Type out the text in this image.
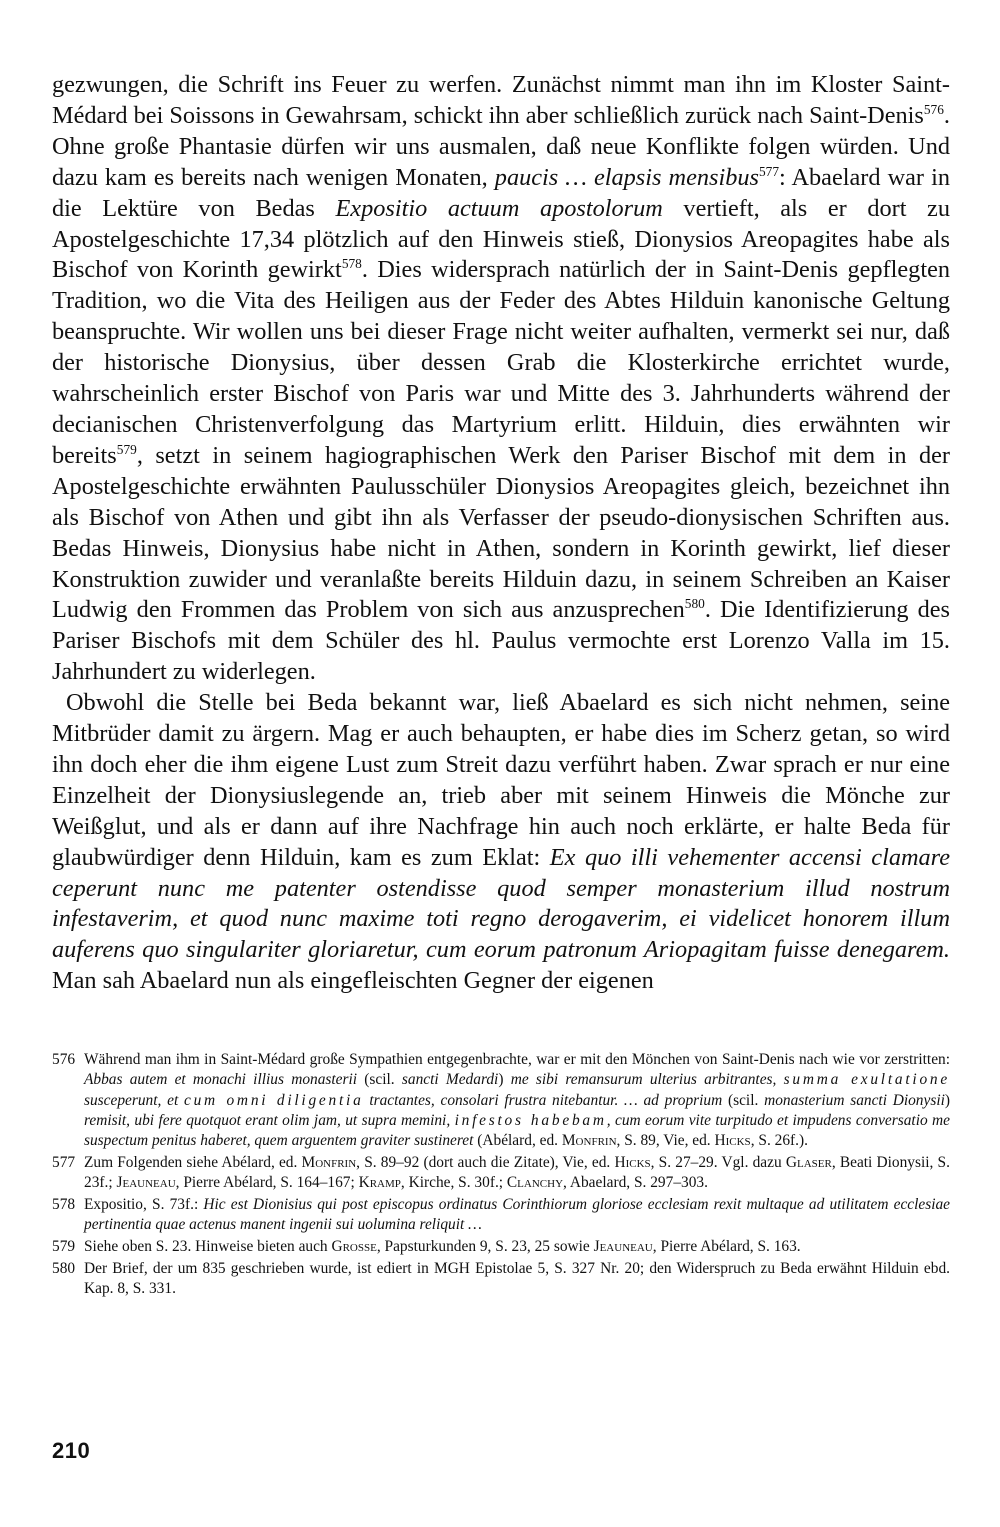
gezwungen, die Schrift ins Feuer zu werfen. Zunächst nimmt man ihn im Kloster Saint-Médard bei Soissons in Gewahrsam, schickt ihn aber schließlich zurück nach Saint-Denis$^{576}$. Ohne große Phantasie dürfen wir uns ausmalen, daß neue Konflikte folgen würden. Und dazu kam es bereits nach wenigen Monaten, paucis … elapsis mensibus$^{577}$: Abaelard war in die Lektüre von Bedas Expositio actuum apostolorum vertieft, als er dort zu Apostelgeschichte 17,34 plötzlich auf den Hinweis stieß, Dionysios Areopagites habe als Bischof von Korinth gewirkt$^{578}$. Dies widersprach natürlich der in Saint-Denis gepflegten Tradition, wo die Vita des Heiligen aus der Feder des Abtes Hilduin kanonische Geltung beanspruchte. Wir wollen uns bei dieser Frage nicht weiter aufhalten, vermerkt sei nur, daß der historische Dionysius, über dessen Grab die Klosterkirche errichtet wurde, wahrscheinlich erster Bischof von Paris war und Mitte des 3. Jahrhunderts während der decianischen Christenverfolgung das Martyrium erlitt. Hilduin, dies erwähnten wir bereits$^{579}$, setzt in seinem hagiographischen Werk den Pariser Bischof mit dem in der Apostelgeschichte erwähnten Paulusschüler Dionysios Areopagites gleich, bezeichnet ihn als Bischof von Athen und gibt ihn als Verfasser der pseudo-dionysischen Schriften aus. Bedas Hinweis, Dionysius habe nicht in Athen, sondern in Korinth gewirkt, lief dieser Konstruktion zuwider und veranlaßte bereits Hilduin dazu, in seinem Schreiben an Kaiser Ludwig den Frommen das Problem von sich aus anzusprechen$^{580}$. Die Identifizierung des Pariser Bischofs mit dem Schüler des hl. Paulus vermochte erst Lorenzo Valla im 15. Jahrhundert zu widerlegen.

Obwohl die Stelle bei Beda bekannt war, ließ Abaelard es sich nicht nehmen, seine Mitbrüder damit zu ärgern. Mag er auch behaupten, er habe dies im Scherz getan, so wird ihn doch eher die ihm eigene Lust zum Streit dazu verführt haben. Zwar sprach er nur eine Einzelheit der Dionysiuslegende an, trieb aber mit seinem Hinweis die Mönche zur Weißglut, und als er dann auf ihre Nachfrage hin auch noch erklärte, er halte Beda für glaubwürdiger denn Hilduin, kam es zum Eklat: Ex quo illi vehementer accensi clamare ceperunt nunc me patenter ostendisse quod semper monasterium illud nostrum infestaverim, et quod nunc maxime toti regno derogaverim, ei videlicet honorem illum auferens quo singulariter gloriaretur, cum eorum patronum Ariopagitam fuisse denegarem. Man sah Abaelard nun als eingefleischten Gegner der eigenen

576 Während man ihm in Saint-Médard große Sympathien entgegenbrachte, war er mit den Mönchen von Saint-Denis nach wie vor zerstritten: Abbas autem et monachi illius monasterii (scil. sancti Medardi) me sibi remansurum ulterius arbitrantes, summa exultatione susceperunt, et cum omni diligentia tractantes, consolari frustra nitebantur. … ad proprium (scil. monasterium sancti Dionysii) remisit, ubi fere quotquot erant olim jam, ut supra memini, infestos habebam, cum eorum vite turpitudo et impudens conversatio me suspectum penitus haberet, quem arguentem graviter sustineret (Abélard, ed. Monfrin, S. 89, Vie, ed. Hicks, S. 26f.).
577 Zum Folgenden siehe Abélard, ed. Monfrin, S. 89–92 (dort auch die Zitate), Vie, ed. Hicks, S. 27–29. Vgl. dazu Glaser, Beati Dionysii, S. 23f.; Jeauneau, Pierre Abélard, S. 164–167; Kramp, Kirche, S. 30f.; Clanchy, Abaelard, S. 297–303.
578 Expositio, S. 73f.: Hic est Dionisius qui post episcopus ordinatus Corinthiorum gloriose ecclesiam rexit multaque ad utilitatem ecclesiae pertinentia quae actenus manent ingenii sui uolumina reliquit …
579 Siehe oben S. 23. Hinweise bieten auch Grosse, Papsturkunden 9, S. 23, 25 sowie Jeauneau, Pierre Abélard, S. 163.
580 Der Brief, der um 835 geschrieben wurde, ist ediert in MGH Epistolae 5, S. 327 Nr. 20; den Widerspruch zu Beda erwähnt Hilduin ebd. Kap. 8, S. 331.
210
